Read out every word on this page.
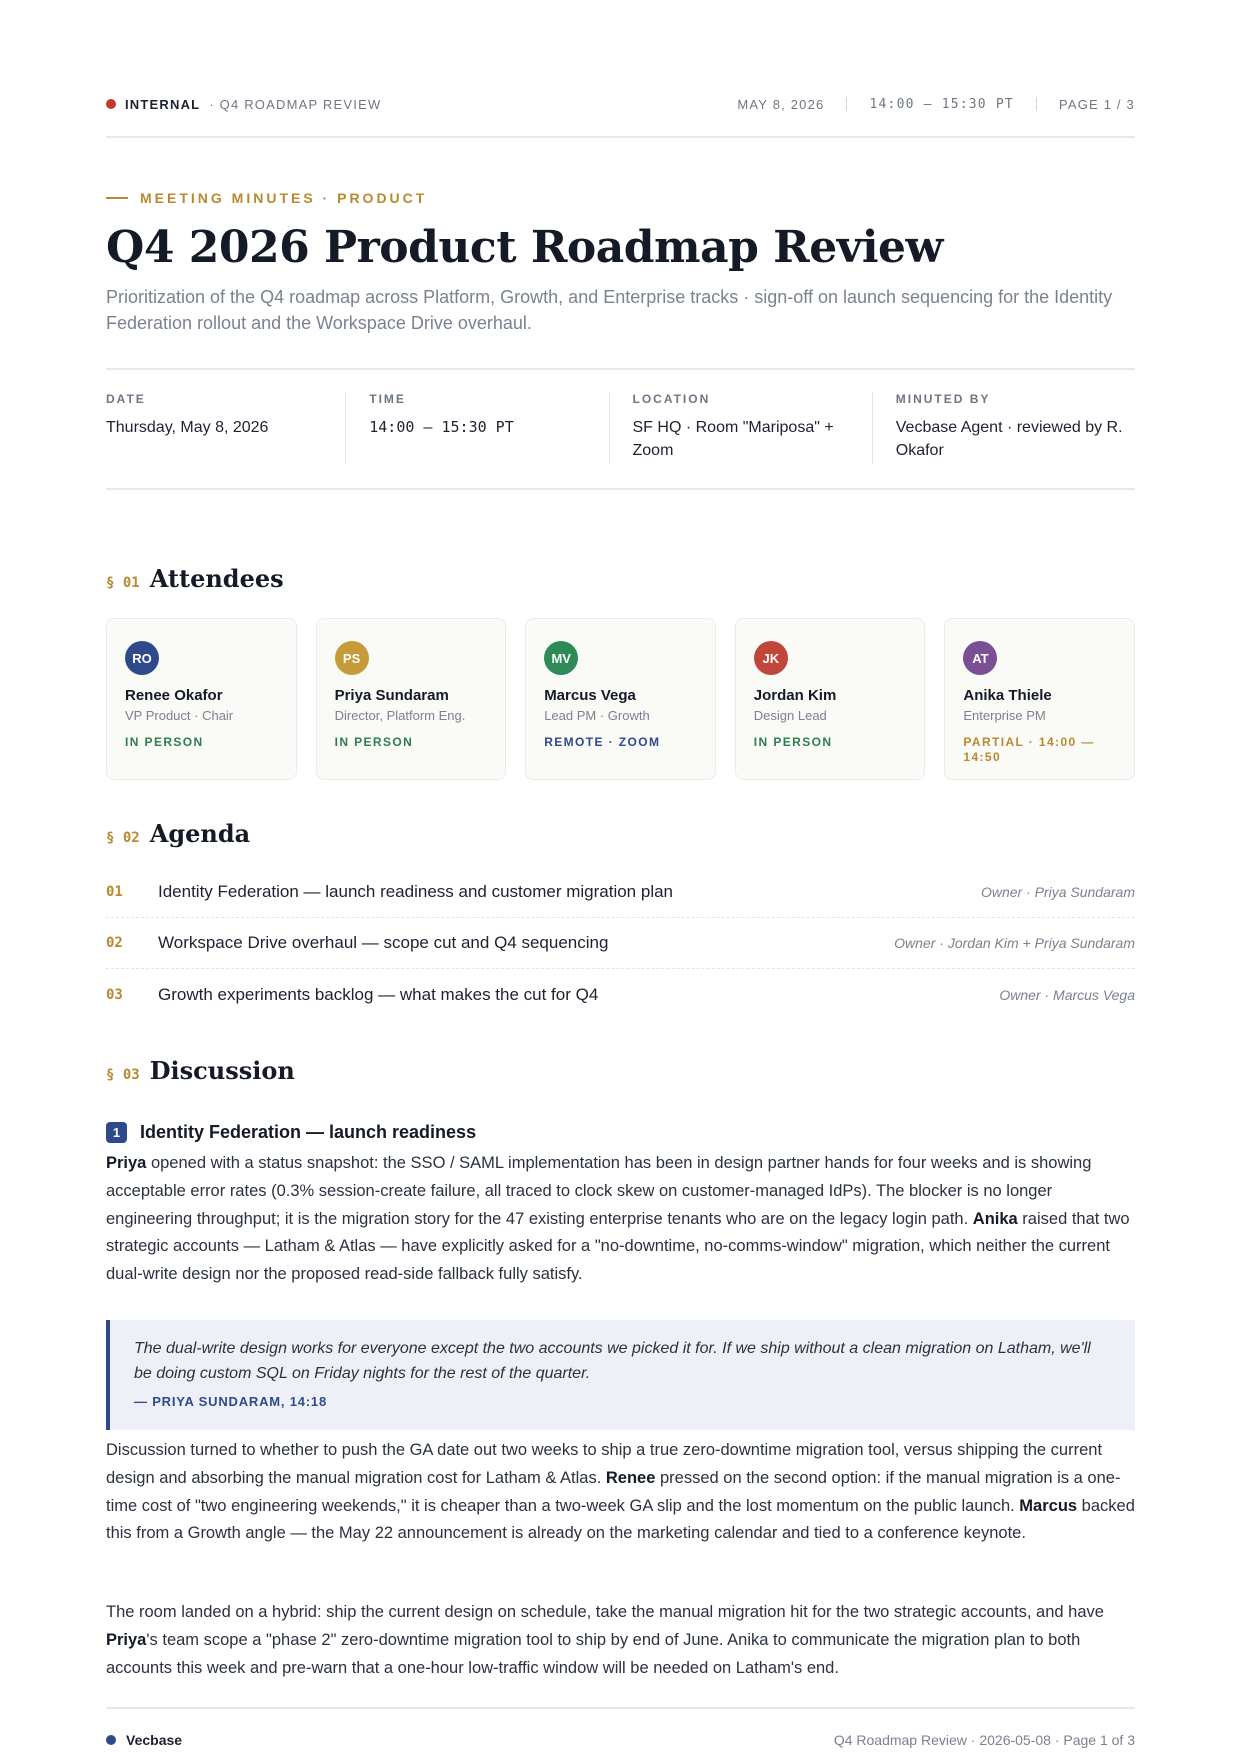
INTERNAL · Q4 ROADMAP REVIEW	MAY 8, 2026	14:00 — 15:30 PT	PAGE 1 / 3
MEETING MINUTES · PRODUCT
Q4 2026 Product Roadmap Review

Prioritization of the Q4 roadmap across Platform, Growth, and Enterprise tracks · sign-off on launch sequencing for the Identity Federation rollout and the Workspace Drive overhaul.

DATE
Thursday, May 8, 2026
TIME
14:00 — 15:30 PT
LOCATION
SF HQ · Room "Mariposa" + Zoom
MINUTED BY
Vecbase Agent · reviewed by R. Okafor
§ 01 Attendees
RO
Renee Okafor
VP Product · Chair
IN PERSON
PS
Priya Sundaram
Director, Platform Eng.
IN PERSON
MV
Marcus Vega
Lead PM · Growth
REMOTE · ZOOM
JK
Jordan Kim
Design Lead
IN PERSON
AT
Anika Thiele
Enterprise PM
PARTIAL · 14:00 — 14:50
§ 02 Agenda
01	Identity Federation — launch readiness and customer migration plan	Owner · Priya Sundaram
02	Workspace Drive overhaul — scope cut and Q4 sequencing	Owner · Jordan Kim + Priya Sundaram
03	Growth experiments backlog — what makes the cut for Q4	Owner · Marcus Vega
§ 03 Discussion
1	Identity Federation — launch readiness

Priya opened with a status snapshot: the SSO / SAML implementation has been in design partner hands for four weeks and is showing acceptable error rates (0.3% session-create failure, all traced to clock skew on customer-managed IdPs). The blocker is no longer engineering throughput; it is the migration story for the 47 existing enterprise tenants who are on the legacy login path. Anika raised that two strategic accounts — Latham & Atlas — have explicitly asked for a "no-downtime, no-comms-window" migration, which neither the current dual-write design nor the proposed read-side fallback fully satisfy.

The dual-write design works for everyone except the two accounts we picked it for. If we ship without a clean migration on Latham, we'll be doing custom SQL on Friday nights for the rest of the quarter.
— PRIYA SUNDARAM, 14:18

Discussion turned to whether to push the GA date out two weeks to ship a true zero-downtime migration tool, versus shipping the current design and absorbing the manual migration cost for Latham & Atlas. Renee pressed on the second option: if the manual migration is a one-time cost of "two engineering weekends," it is cheaper than a two-week GA slip and the lost momentum on the public launch. Marcus backed this from a Growth angle — the May 22 announcement is already on the marketing calendar and tied to a conference keynote.

The room landed on a hybrid: ship the current design on schedule, take the manual migration hit for the two strategic accounts, and have Priya's team scope a "phase 2" zero-downtime migration tool to ship by end of June. Anika to communicate the migration plan to both accounts this week and pre-warn that a one-hour low-traffic window will be needed on Latham's end.

Vecbase	Q4 Roadmap Review · 2026-05-08 · Page 1 of 3
